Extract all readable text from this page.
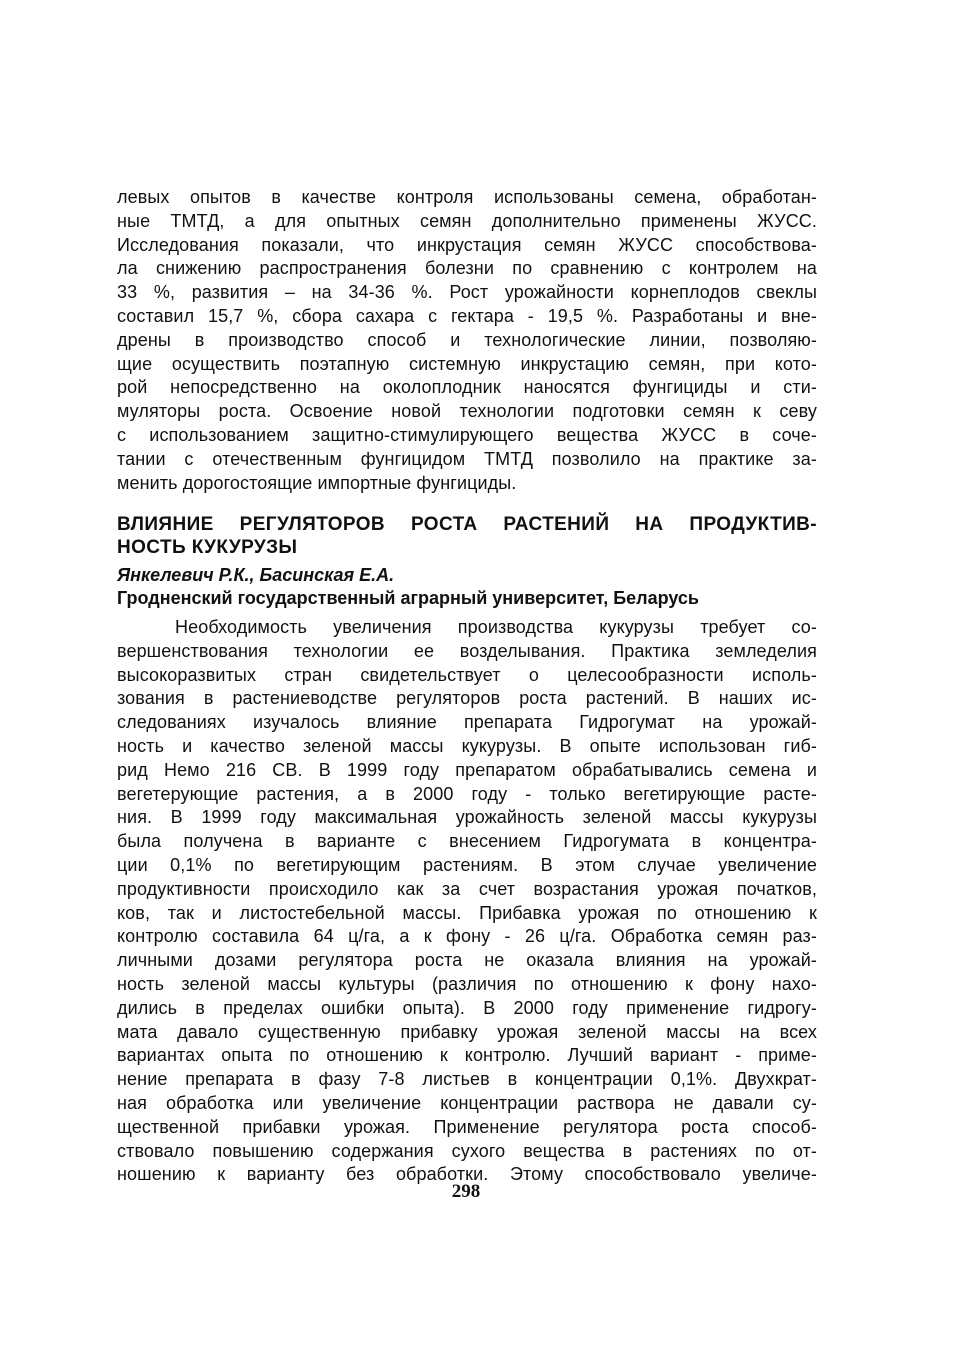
левых опытов в качестве контроля использованы семена, обработан-
ные ТМТД, а для опытных семян дополнительно применены ЖУСС.
Исследования показали, что инкрустация семян ЖУСС способствова-
ла снижению распространения болезни по сравнению с контролем на
33 %, развития – на 34-36 %. Рост урожайности корнеплодов свеклы
составил 15,7 %, сбора сахара с гектара - 19,5 %. Разработаны и вне-
дрены в производство способ и технологические линии, позволяю-
щие осуществить поэтапную системную инкрустацию семян, при кото-
рой непосредственно на околоплодник наносятся фунгициды и сти-
муляторы роста. Освоение новой технологии подготовки семян к севу
с использованием защитно-стимулирующего вещества ЖУСС в соче-
тании с отечественным фунгицидом ТМТД позволило на практике за-
менить дорогостоящие импортные фунгициды.
ВЛИЯНИЕ РЕГУЛЯТОРОВ РОСТА РАСТЕНИЙ НА ПРОДУКТИВ-
НОСТЬ КУКУРУЗЫ
Янкелевич Р.К., Басинская Е.А.
Гродненский государственный аграрный университет, Беларусь
Необходимость увеличения производства кукурузы требует со-
вершенствования технологии ее возделывания. Практика земледелия
высокоразвитых стран свидетельствует о целесообразности исполь-
зования в растениеводстве регуляторов роста растений. В наших ис-
следованиях изучалось влияние препарата Гидрогумат на урожай-
ность и качество зеленой массы кукурузы. В опыте использован гиб-
рид Немо 216 СВ. В 1999 году препаратом обрабатывались семена и
вегетерующие растения, а в 2000 году - только вегетирующие расте-
ния. В 1999 году максимальная урожайность зеленой массы кукурузы
была получена в варианте с внесением Гидрогумата в концентра-
ции 0,1% по вегетирующим растениям. В этом случае увеличение
продуктивности происходило как за счет возрастания урожая початков,
ков, так и листостебельной массы. Прибавка урожая по отношению к
контролю составила 64 ц/га, а к фону - 26 ц/га. Обработка семян раз-
личными дозами регулятора роста не оказала влияния на урожай-
ность зеленой массы культуры (различия по отношению к фону нахо-
дились в пределах ошибки опыта). В 2000 году применение гидрогу-
мата давало существенную прибавку урожая зеленой массы на всех
вариантах опыта по отношению к контролю. Лучший вариант - приме-
нение препарата в фазу 7-8 листьев в концентрации 0,1%. Двухкрат-
ная обработка или увеличение концентрации раствора не давали су-
щественной прибавки урожая. Применение регулятора роста способ-
ствовало повышению содержания сухого вещества в растениях по от-
ношению к варианту без обработки. Этому способствовало увеличе-
298
